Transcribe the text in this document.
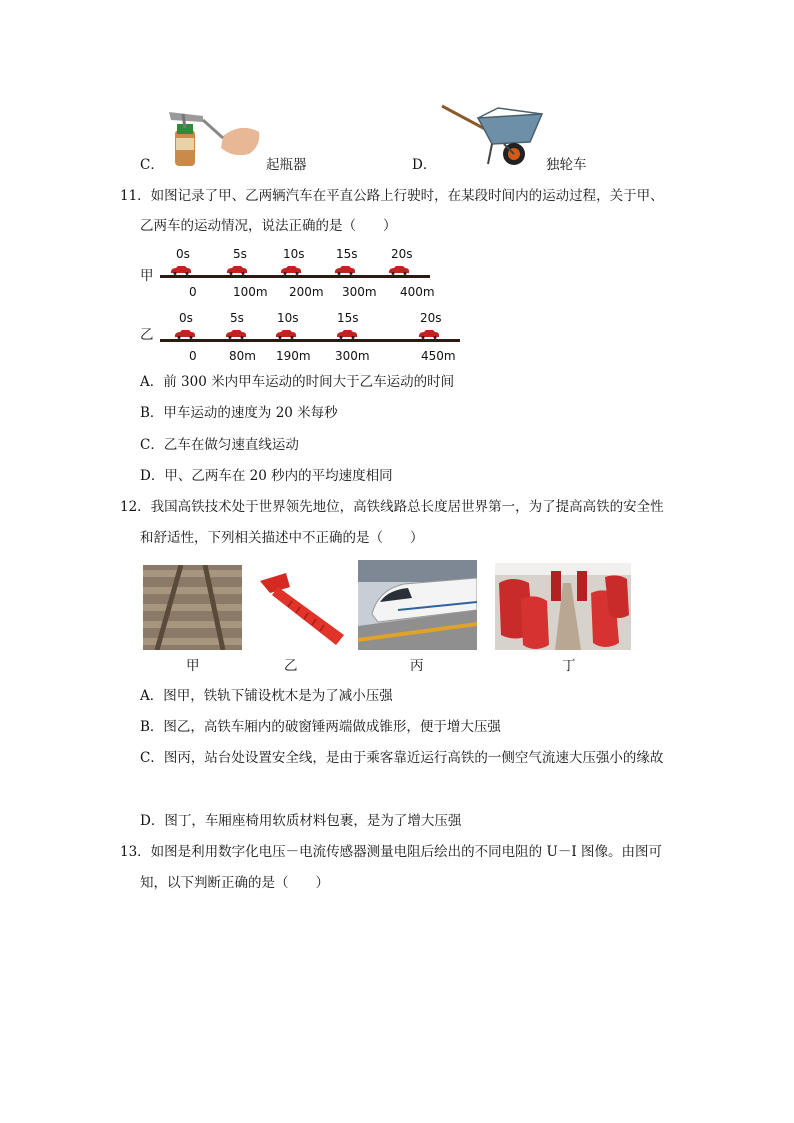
C．	起瓶器	D．	独轮车
11．如图记录了甲、乙两辆汽车在平直公路上行驶时，在某段时间内的运动过程，关于甲、
乙两车的运动情况，说法正确的是（　　）
甲
0s	5s	10s	15s	20s
0	100m 200m 300m 400m
乙
0s	5s	10s	15s	20s
0	80m 190m 300m	450m
A．前 300 米内甲车运动的时间大于乙车运动的时间
B．甲车运动的速度为 20 米每秒
C．乙车在做匀速直线运动
D．甲、乙两车在 20 秒内的平均速度相同
12．我国高铁技术处于世界领先地位，高铁线路总长度居世界第一，为了提高高铁的安全性
和舒适性，下列相关描述中不正确的是（　　）
甲	乙	丙	丁
A．图甲，铁轨下铺设枕木是为了减小压强
B．图乙，高铁车厢内的破窗锤两端做成锥形，便于增大压强
C．图丙，站台处设置安全线，是由于乘客靠近运行高铁的一侧空气流速大压强小的缘故
D．图丁，车厢座椅用软质材料包裹，是为了增大压强
13．如图是利用数字化电压－电流传感器测量电阻后绘出的不同电阻的 U－I 图像。由图可
知，以下判断正确的是（　　）
